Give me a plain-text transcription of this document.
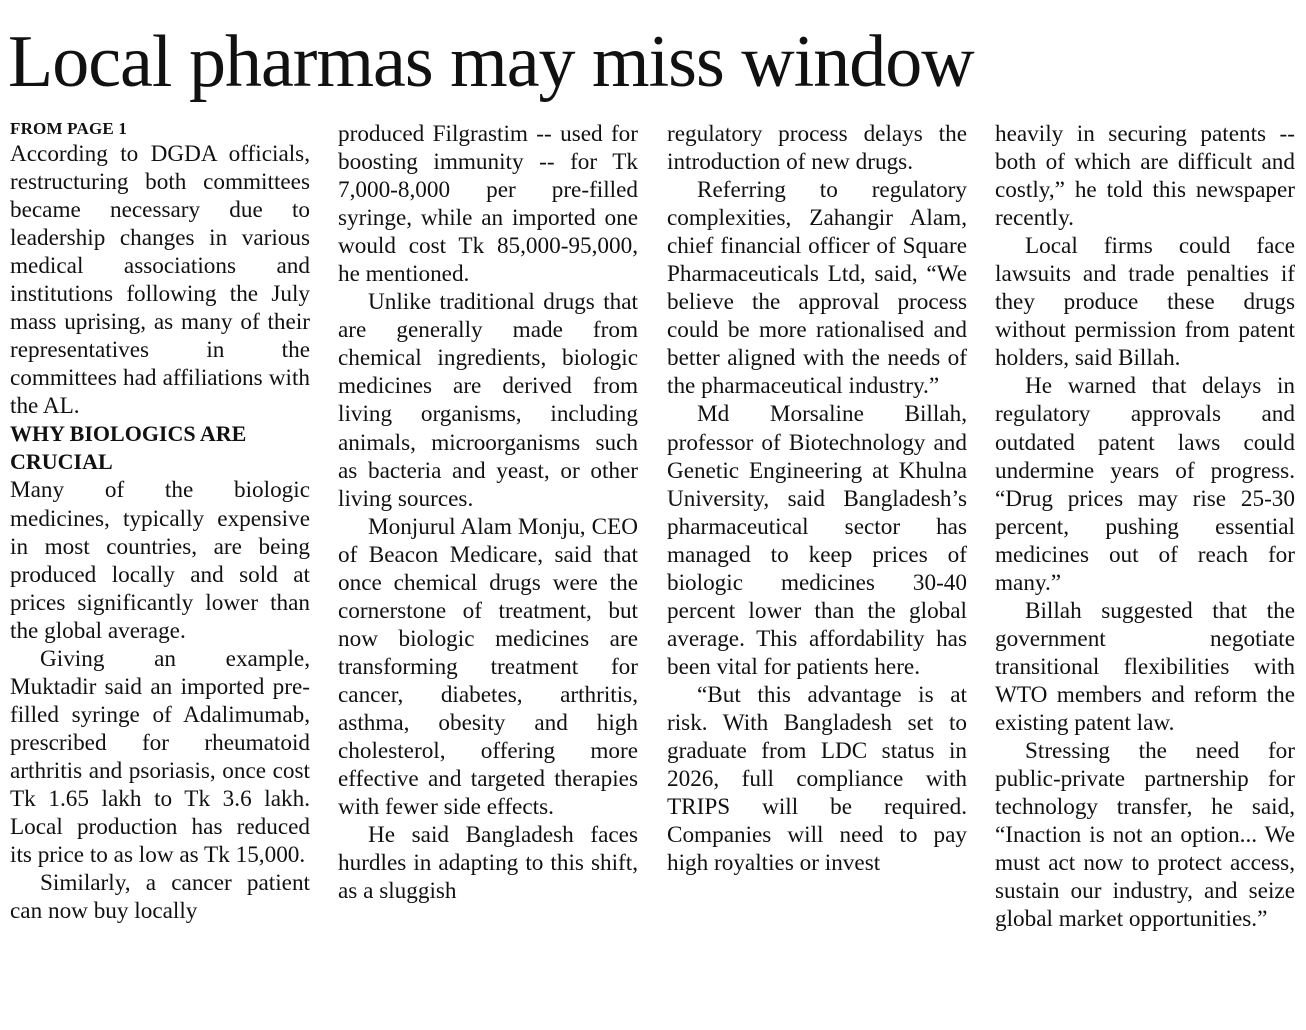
Local pharmas may miss window
FROM PAGE 1

According to DGDA officials, restructuring both committees became necessary due to leadership changes in various medical associations and institutions following the July mass uprising, as many of their representatives in the committees had affiliations with the AL.

WHY BIOLOGICS ARE CRUCIAL

Many of the biologic medicines, typically expensive in most countries, are being produced locally and sold at prices significantly lower than the global average.

Giving an example, Muktadir said an imported pre-filled syringe of Adalimumab, prescribed for rheumatoid arthritis and psoriasis, once cost Tk 1.65 lakh to Tk 3.6 lakh. Local production has reduced its price to as low as Tk 15,000.

Similarly, a cancer patient can now buy locally

produced Filgrastim -- used for boosting immunity -- for Tk 7,000-8,000 per pre-filled syringe, while an imported one would cost Tk 85,000-95,000, he mentioned.

Unlike traditional drugs that are generally made from chemical ingredients, biologic medicines are derived from living organisms, including animals, microorganisms such as bacteria and yeast, or other living sources.

Monjurul Alam Monju, CEO of Beacon Medicare, said that once chemical drugs were the cornerstone of treatment, but now biologic medicines are transforming treatment for cancer, diabetes, arthritis, asthma, obesity and high cholesterol, offering more effective and targeted therapies with fewer side effects.

He said Bangladesh faces hurdles in adapting to this shift, as a sluggish

regulatory process delays the introduction of new drugs.

Referring to regulatory complexities, Zahangir Alam, chief financial officer of Square Pharmaceuticals Ltd, said, “We believe the approval process could be more rationalised and better aligned with the needs of the pharmaceutical industry.”

Md Morsaline Billah, professor of Biotechnology and Genetic Engineering at Khulna University, said Bangladesh’s pharmaceutical sector has managed to keep prices of biologic medicines 30-40 percent lower than the global average. This affordability has been vital for patients here.

“But this advantage is at risk. With Bangladesh set to graduate from LDC status in 2026, full compliance with TRIPS will be required. Companies will need to pay high royalties or invest

heavily in securing patents -- both of which are difficult and costly,” he told this newspaper recently.

Local firms could face lawsuits and trade penalties if they produce these drugs without permission from patent holders, said Billah.

He warned that delays in regulatory approvals and outdated patent laws could undermine years of progress. “Drug prices may rise 25-30 percent, pushing essential medicines out of reach for many.”

Billah suggested that the government negotiate transitional flexibilities with WTO members and reform the existing patent law.

Stressing the need for public-private partnership for technology transfer, he said, “Inaction is not an option... We must act now to protect access, sustain our industry, and seize global market opportunities.”
